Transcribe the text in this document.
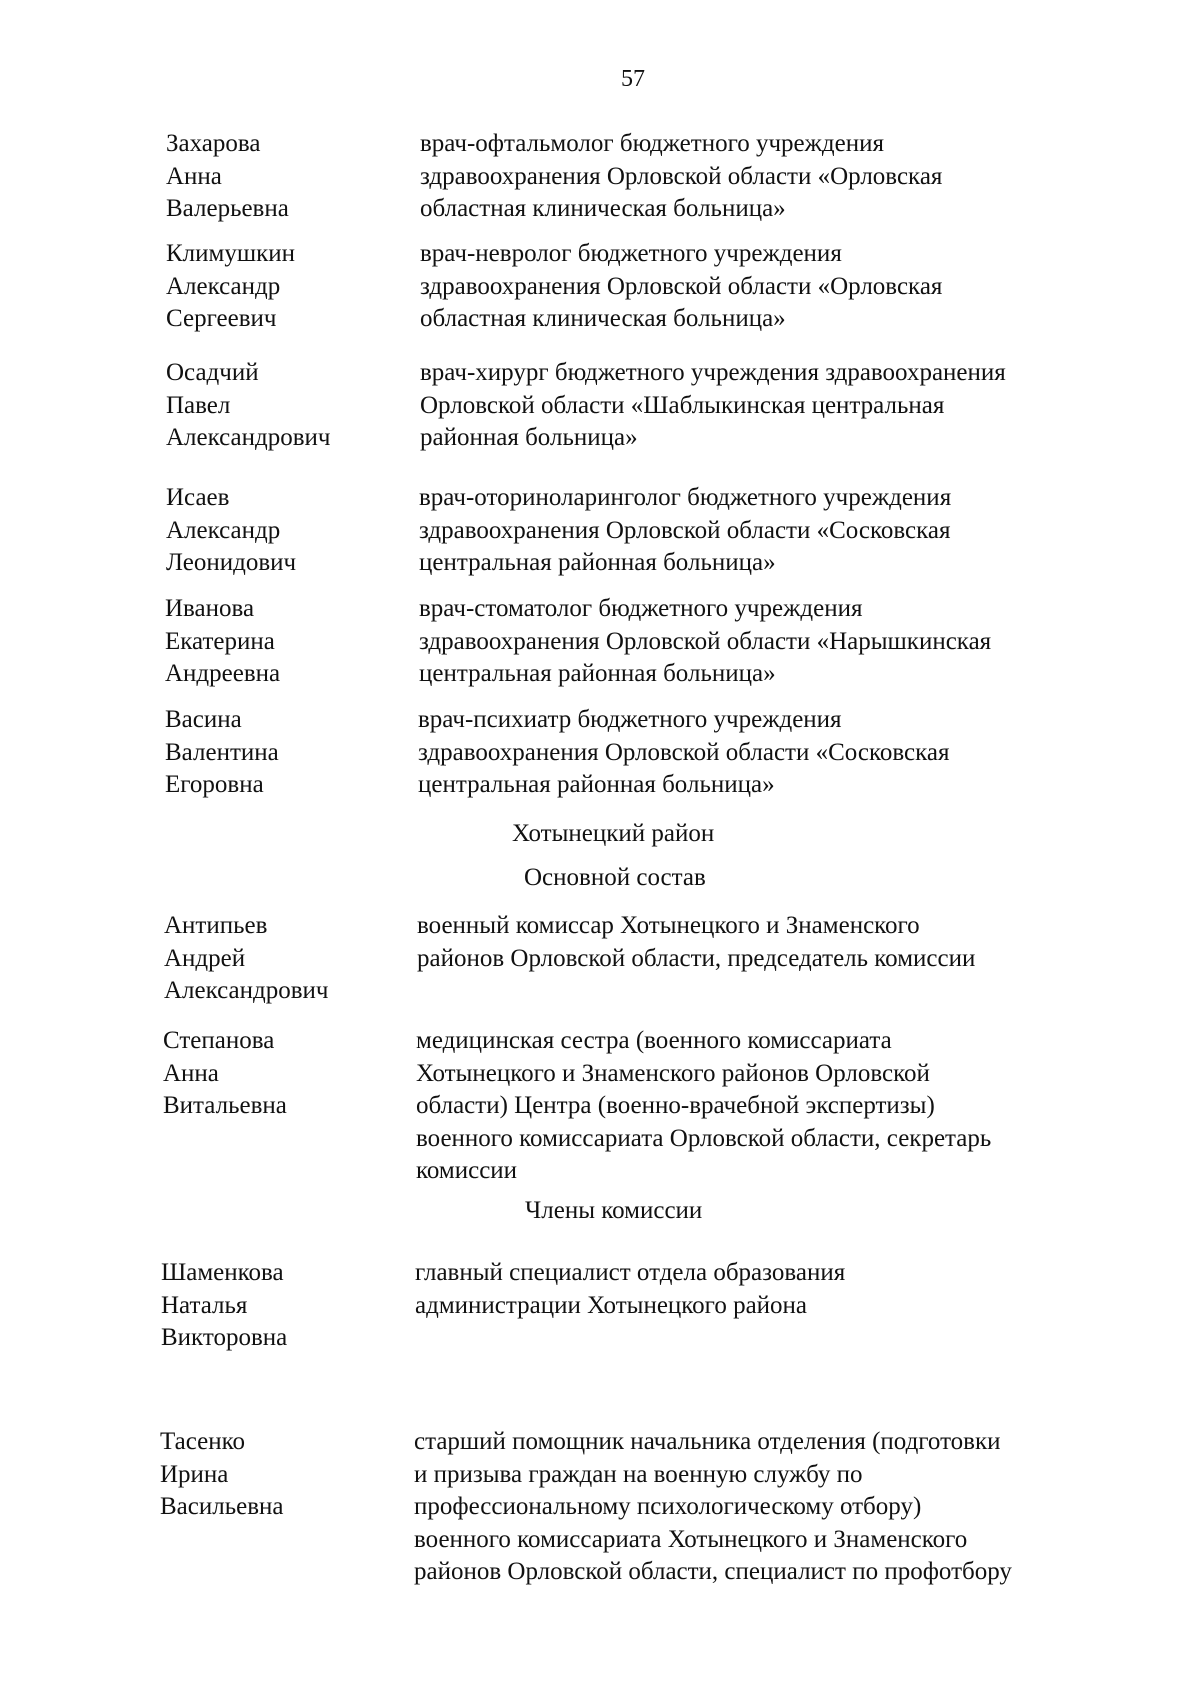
57
Захарова
Анна
Валерьевна
врач-офтальмолог бюджетного учреждения
здравоохранения Орловской области «Орловская
областная клиническая больница»
Климушкин
Александр
Сергеевич
врач-невролог бюджетного учреждения
здравоохранения Орловской области «Орловская
областная клиническая больница»
Осадчий
Павел
Александрович
врач-хирург бюджетного учреждения здравоохранения
Орловской области «Шаблыкинская центральная
районная больница»
Исаев
Александр
Леонидович
врач-оториноларинголог бюджетного учреждения
здравоохранения Орловской области «Сосковская
центральная районная больница»
Иванова
Екатерина
Андреевна
врач-стоматолог бюджетного учреждения
здравоохранения Орловской области «Нарышкинская
центральная районная больница»
Васина
Валентина
Егоровна
врач-психиатр бюджетного учреждения
здравоохранения Орловской области «Сосковская
центральная районная больница»
Хотынецкий район
Основной состав
Антипьев
Андрей
Александрович
военный комиссар Хотынецкого и Знаменского
районов Орловской области, председатель комиссии
Степанова
Анна
Витальевна
медицинская сестра (военного комиссариата
Хотынецкого и Знаменского районов Орловской
области) Центра (военно-врачебной экспертизы)
военного комиссариата Орловской области, секретарь
комиссии
Члены комиссии
Шаменкова
Наталья
Викторовна
главный специалист отдела образования
администрации Хотынецкого района
Тасенко
Ирина
Васильевна
старший помощник начальника отделения (подготовки
и призыва граждан на военную службу по
профессиональному психологическому отбору)
военного комиссариата Хотынецкого и Знаменского
районов Орловской области, специалист по профотбору
